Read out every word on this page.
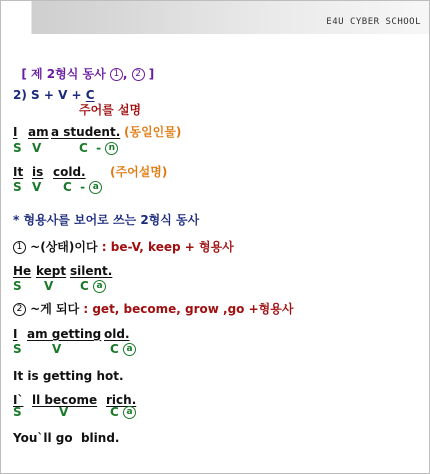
E4U CYBER SCHOOL

[ 제 2형식 동사 1 , 2 ]

2) S + V + C
주어를 설명
I am a student. (동일인물)
S V	C  - n
It is cold. (주어설명)
S V C  - a
* 형용사를 보어로 쓰는 2형식 동사
1 ~(상태)이다 : be-V, keep + 형용사
He kept silent.
S V C a
2 ~게 되다 : get, become, grow ,go +형용사
I am getting old.
S	V	C a
It is getting hot.
I` ll become rich.
S	V	C a
You`ll go  blind.
